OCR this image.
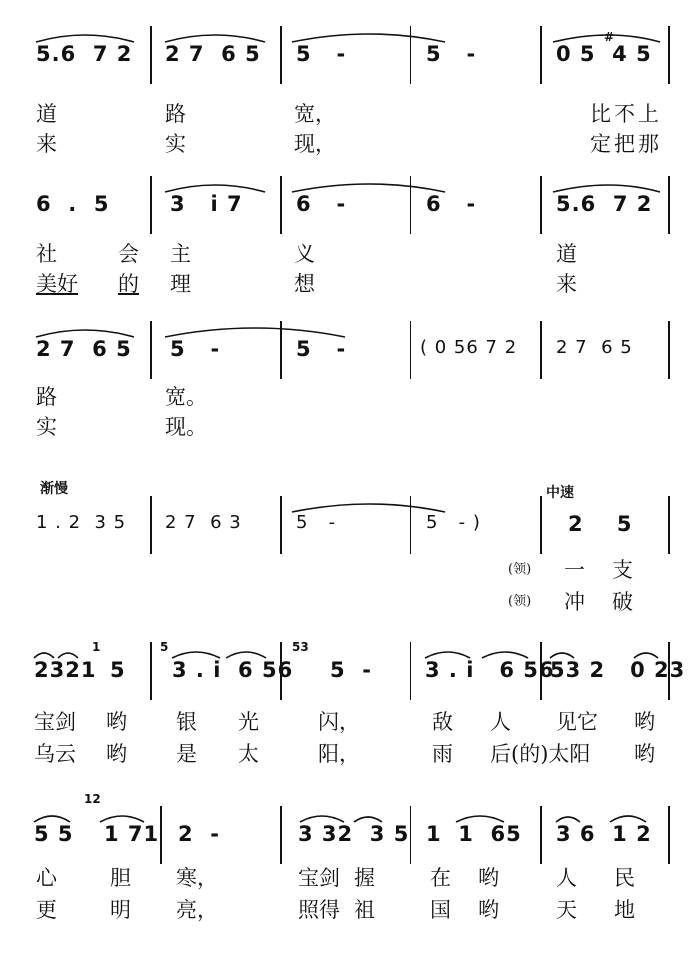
5.6  7 2 2 7  6 5 5   -	5   -	0 5  4 5
#
道	路	宽，	比 不 上
来	实	现，	定 把 那
6  .  5	3   i 7	6   -	6   -	5.6  7 2
社	会 主	义	道
美好 的 理	想	来
2 7  6 5 5   -	5   -	( 0 56 7 2 2 7  6 5
路	宽。
实	现。
渐慢	中速
1 . 2  3 5 2 7  6 3	5   -	5   - )	2    5
(领) 一 支
(领) 冲 破
2321 5 3 . i  6 56 5  -	3 . i   6 56
53 2   0 23
1	5	53
宝剑 哟 银 光	闪，	敌 人 见它 哟
乌云 哟 是 太	阳，	雨 后(的)太阳 哟
5 5 1 71 2  -	3 32  3 5 1  1  65 3 6  1 2
12
心	胆 寒，	宝剑 握	在 哟	人 民
更	明 亮，	照得 祖	国 哟	天 地
